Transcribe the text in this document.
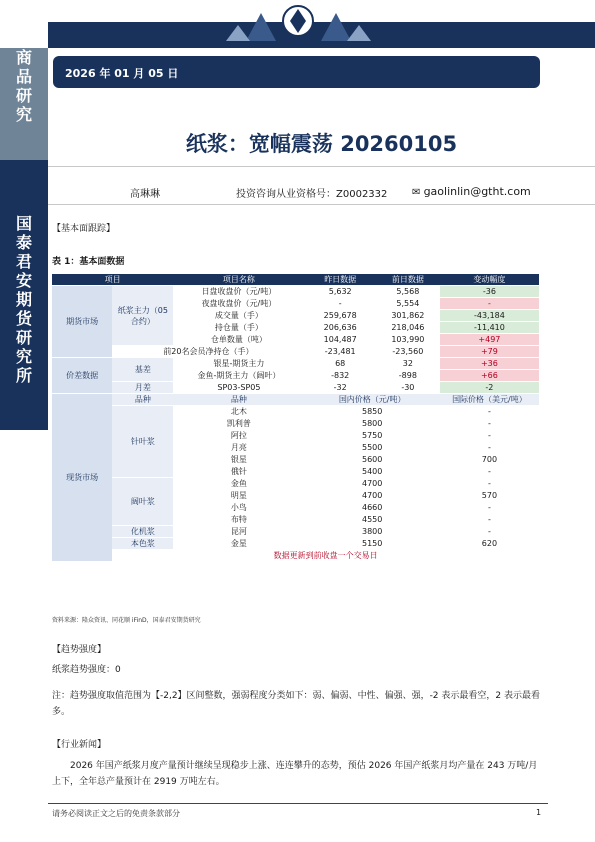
商
品
研
究
国
泰
君
安
期
货
研
究
所
2026 年 01 月 05 日
纸浆：宽幅震荡 20260105
高琳琳	投资咨询从业资格号：Z0002332 ✉ gaolinlin@gtht.com
【基本面跟踪】
表 1：基本面数据
项目		项目名称	昨日数据	前日数据	变动幅度
期货市场	纸浆主力（05合约）	日盘收盘价（元/吨）	5,632	5,568	-36
		夜盘收盘价（元/吨）	-	5,554	-
		成交量（手）	259,678	301,862	-43,184
		持仓量（手）	206,636	218,046	-11,410
		仓单数量（吨）	104,487	103,990	+497
	前20名会员净持仓（手）		-23,481	-23,560	+79
价差数据	基差	银星-期货主力	68	32	+36
		金鱼-期货主力（阔叶）	-832	-898	+66
	月差	SP03-SP05	-32	-30	-2
现货市场	品种	品种	国内价格（元/吨）		国际价格（美元/吨）
	针叶浆	北木	5850		-
		凯利普	5800		-
		阿拉	5750		-
		月亮	5500		-
		银星	5600		700
		俄针	5400		-
	阔叶浆	金鱼	4700		-
		明星	4700		570
		小鸟	4660		-
		布特	4550		-
	化机浆	昆河	3800		-
	本色浆	金星	5150		620
	数据更新到前收盘一个交易日				
资料来源：隆众资讯、同花顺 iFinD，国泰君安期货研究
【趋势强度】
纸浆趋势强度：0
注：趋势强度取值范围为【-2,2】区间整数，强弱程度分类如下：弱、偏弱、中性、偏强、强，-2 表示最看空，2 表示最看多。
【行业新闻】
2026 年国产纸浆月度产量预计继续呈现稳步上涨、连连攀升的态势，预估 2026 年国产纸浆月均产量在 243 万吨/月上下，全年总产量预计在 2919 万吨左右。
请务必阅读正文之后的免责条款部分	1
